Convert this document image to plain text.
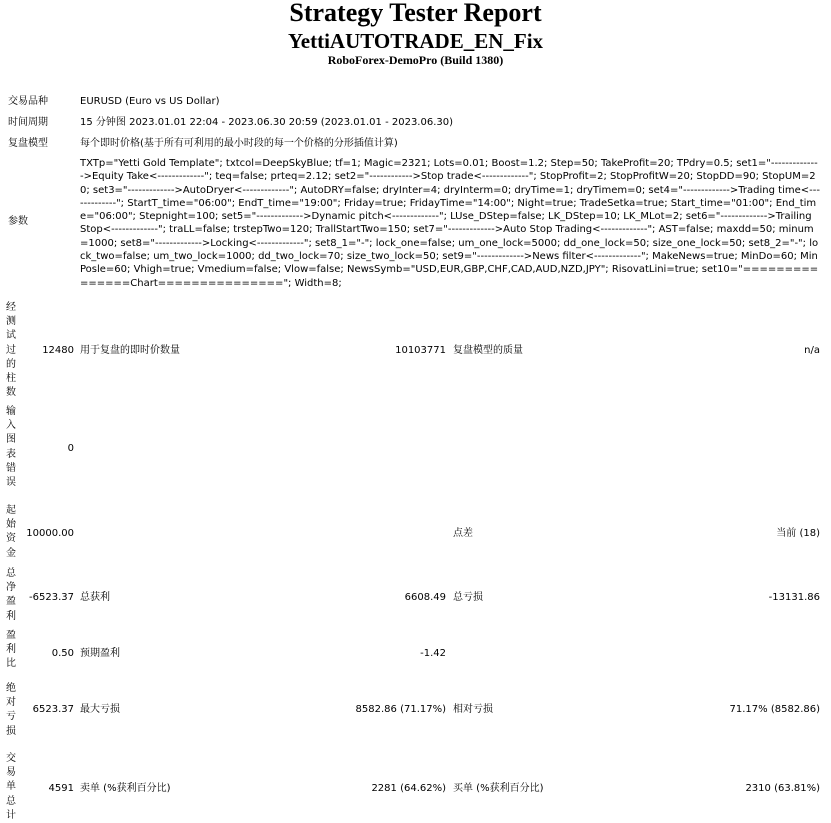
Strategy Tester Report
YettiAUTOTRADE_EN_Fix
RoboForex-DemoPro (Build 1380)
交易品种	EURUSD (Euro vs US Dollar)
时间周期	15 分钟图 2023.01.01 22:04 - 2023.06.30 20:59 (2023.01.01 - 2023.06.30)
复盘模型	每个即时价格(基于所有可利用的最小时段的每一个价格的分形插值计算)
参数
TXTp="Yetti Gold Template"; txtcol=DeepSkyBlue; tf=1; Magic=2321; Lots=0.01; Boost=1.2; Step=50; TakeProfit=20; TPdry=0.5; set1="-------------->Equity Take<-------------"; teq=false; prteq=2.12; set2="------------>Stop trade<-------------"; StopProfit=2; StopProfitW=20; StopDD=90; StopUM=20; set3="------------->AutoDryer<-------------"; AutoDRY=false; dryInter=4; dryInterm=0; dryTime=1; dryTimem=0; set4="------------->Trading time<-------------"; StartT_time="06:00"; EndT_time="19:00"; Friday=true; FridayTime="14:00"; Night=true; TradeSetka=true; Start_time="01:00"; End_time="06:00"; Stepnight=100; set5="------------->Dynamic pitch<-------------"; LUse_DStep=false; LK_DStep=10; LK_MLot=2; set6="------------->Trailing Stop<-------------"; traLL=false; trstepTwo=120; TrallStartTwo=150; set7="------------->Auto Stop Trading<-------------"; AST=false; maxdd=50; minum=1000; set8="------------->Locking<-------------"; set8_1="-"; lock_one=false; um_one_lock=5000; dd_one_lock=50; size_one_lock=50; set8_2="-"; lock_two=false; um_two_lock=1000; dd_two_lock=70; size_two_lock=50; set9="------------->News filter<-------------"; MakeNews=true; MinDo=60; MinPosle=60; Vhigh=true; Vmedium=false; Vlow=false; NewsSymb="USD,EUR,GBP,CHF,CAD,AUD,NZD,JPY"; RisovatLini=true; set10="===============Chart==============="; Width=8;
经测试过的柱数
12480 用于复盘的即时价数量	10103771 复盘模型的质量	n/a
输入图表错误
0
起始资金
10000.00	点差	当前 (18)
总净盈利
-6523.37 总获利	6608.49 总亏损	-13131.86
盈利比
0.50 预期盈利	-1.42
绝对亏损
6523.37 最大亏损	8582.86 (71.17%) 相对亏损	71.17% (8582.86)
交易单总计
4591 卖单 (%获利百分比)	2281 (64.62%) 买单 (%获利百分比)	2310 (63.81%)
